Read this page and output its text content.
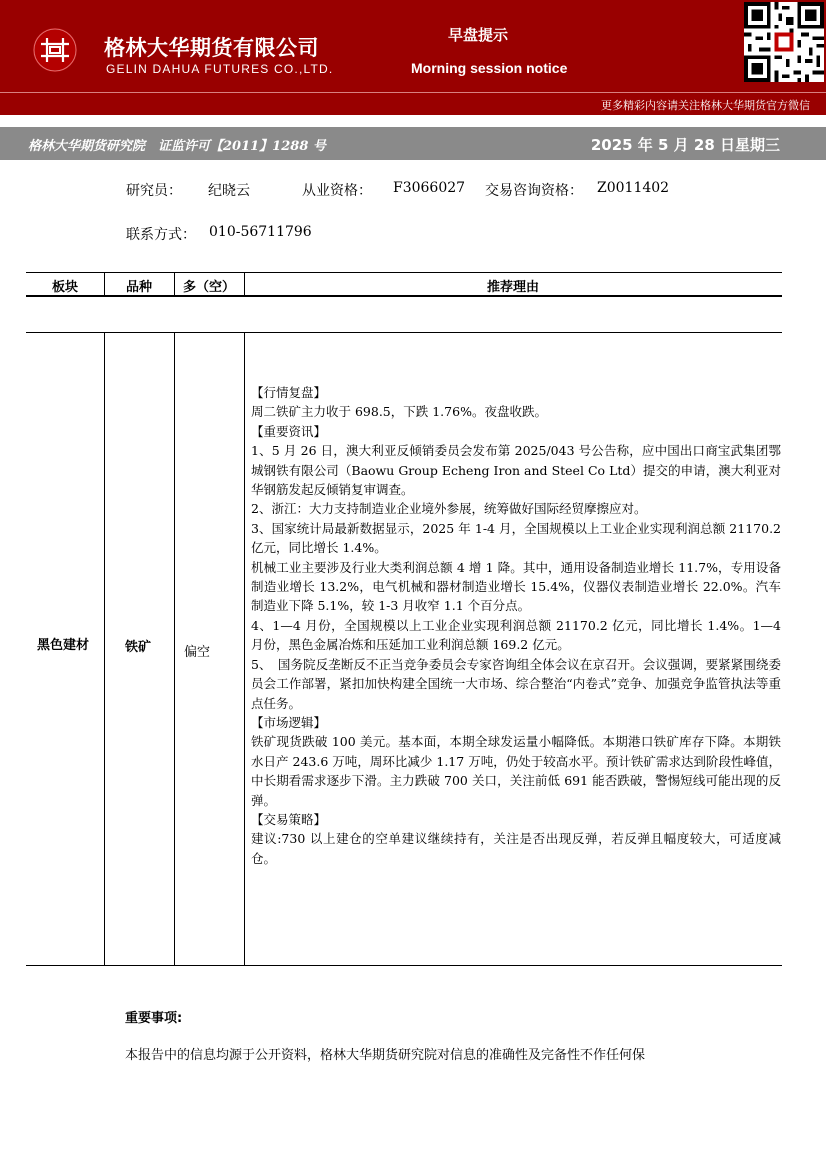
格林大华期货有限公司
GELIN DAHUA FUTURES CO.,LTD.
早盘提示
Morning session notice
更多精彩内容请关注格林大华期货官方微信
格林大华期货研究院　证监许可【2011】1288 号	2025 年 5 月 28 日星期三
研究员： 纪晓云	从业资格： F3066027 交易咨询资格： Z0011402
联系方式： 010-56711796
板块	品种	多（空）	推荐理由
黑色建材	铁矿	偏空
【行情复盘】
周二铁矿主力收于 698.5，下跌 1.76%。夜盘收跌。
【重要资讯】
1、5 月 26 日，澳大利亚反倾销委员会发布第 2025/043 号公告称，应中国出口商宝武集团鄂城钢铁有限公司（Baowu Group Echeng Iron and Steel Co Ltd）提交的申请，澳大利亚对华钢筋发起反倾销复审调查。
2、浙江：大力支持制造业企业境外参展，统筹做好国际经贸摩擦应对。
3、国家统计局最新数据显示，2025 年 1-4 月，全国规模以上工业企业实现利润总额 21170.2 亿元，同比增长 1.4%。
机械工业主要涉及行业大类利润总额 4 增 1 降。其中，通用设备制造业增长 11.7%，专用设备制造业增长 13.2%，电气机械和器材制造业增长 15.4%，仪器仪表制造业增长 22.0%。汽车制造业下降 5.1%，较 1-3 月收窄 1.1 个百分点。
4、1—4 月份，全国规模以上工业企业实现利润总额 21170.2 亿元，同比增长 1.4%。1—4 月份，黑色金属冶炼和压延加工业利润总额 169.2 亿元。
5、　国务院反垄断反不正当竞争委员会专家咨询组全体会议在京召开。会议强调，要紧紧围绕委员会工作部署，紧扣加快构建全国统一大市场、综合整治“内卷式”竞争、加强竞争监管执法等重点任务。
【市场逻辑】
铁矿现货跌破 100 美元。基本面，本期全球发运量小幅降低。本期港口铁矿库存下降。本期铁水日产 243.6 万吨，周环比减少 1.17 万吨，仍处于较高水平。预计铁矿需求达到阶段性峰值，中长期看需求逐步下滑。主力跌破 700 关口，关注前低 691 能否跌破，警惕短线可能出现的反弹。
【交易策略】
建议:730 以上建仓的空单建议继续持有，关注是否出现反弹，若反弹且幅度较大，可适度减仓。
重要事项:
本报告中的信息均源于公开资料，格林大华期货研究院对信息的准确性及完备性不作任何保
